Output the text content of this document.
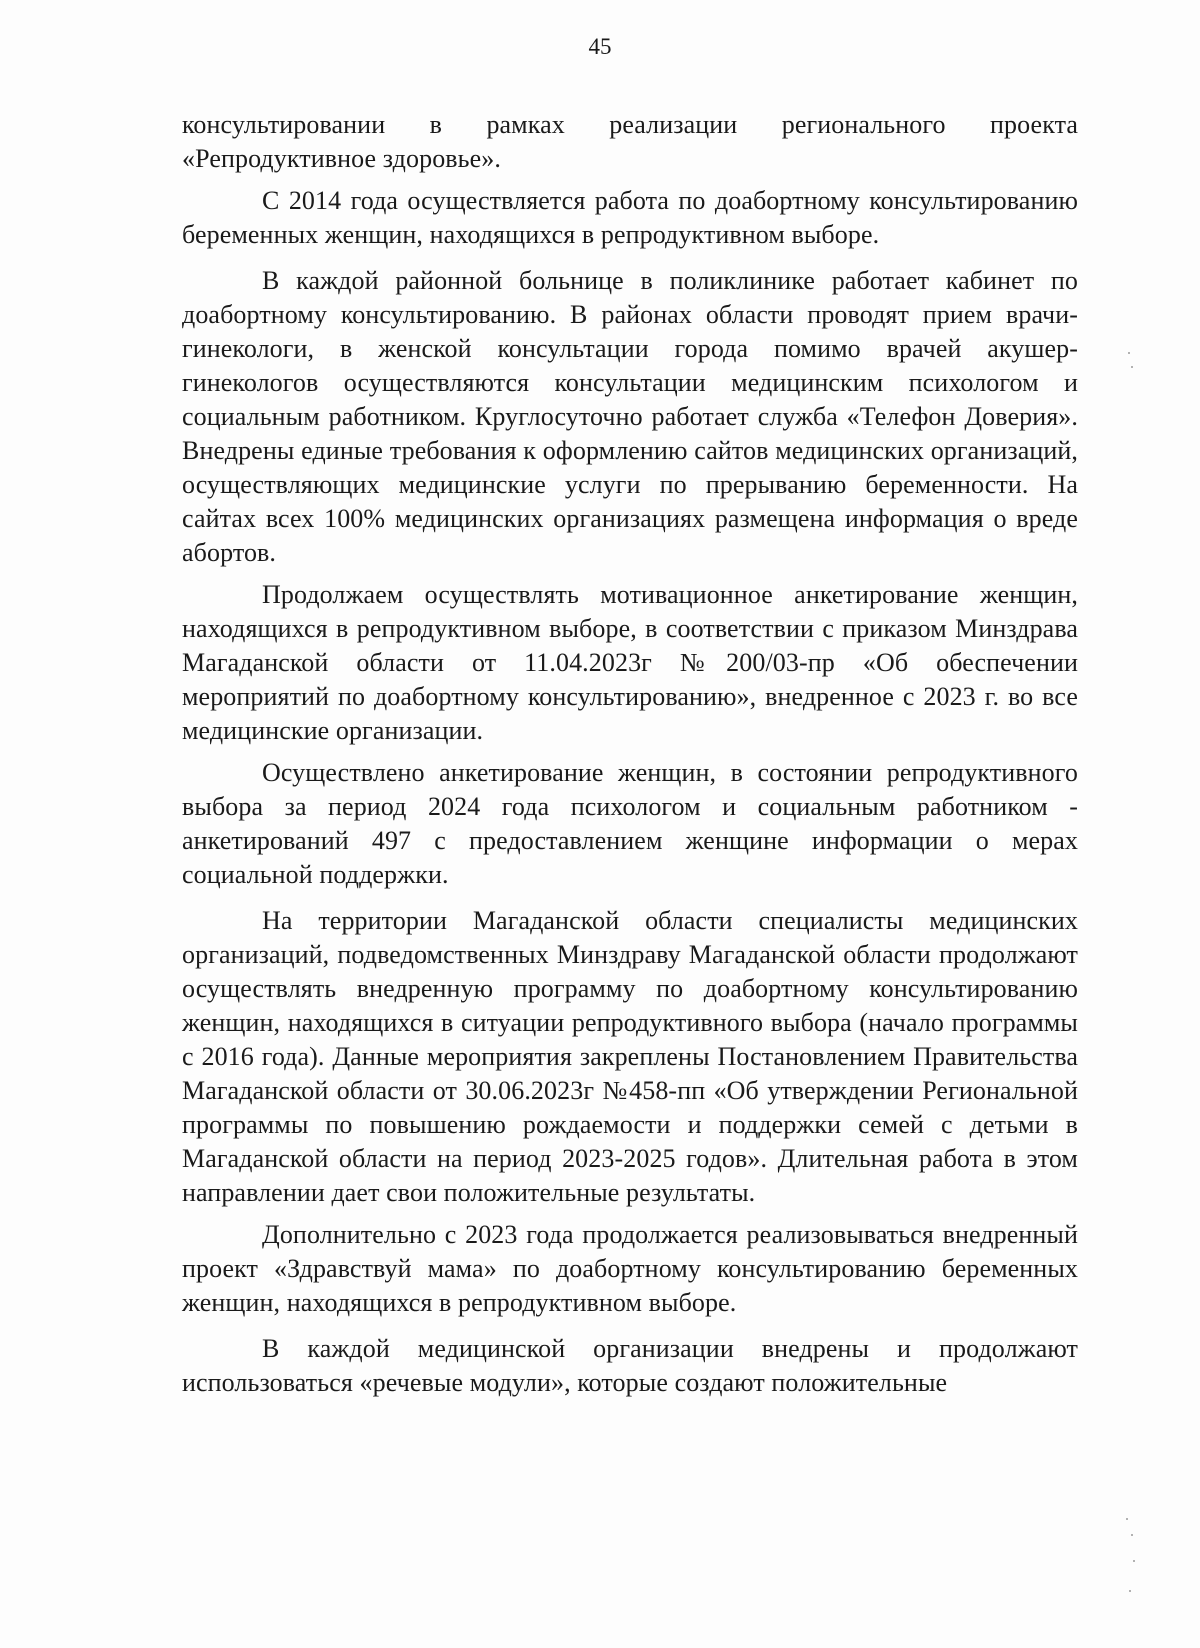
45

консультировании в рамках реализации регионального проекта «Репродуктивное здоровье».

С 2014 года осуществляется работа по доабортному консультированию беременных женщин, находящихся в репродуктивном выборе.

В каждой районной больнице в поликлинике работает кабинет по доабортному консультированию. В районах области проводят прием врачи-гинекологи, в женской консультации города помимо врачей акушер-гинекологов осуществляются консультации медицинским психологом и социальным работником. Круглосуточно работает служба «Телефон Доверия». Внедрены единые требования к оформлению сайтов медицинских организаций, осуществляющих медицинские услуги по прерыванию беременности. На сайтах всех 100% медицинских организациях размещена информация о вреде абортов.

Продолжаем осуществлять мотивационное анкетирование женщин, находящихся в репродуктивном выборе, в соответствии с приказом Минздрава Магаданской области от 11.04.2023г №200/03-пр «Об обеспечении мероприятий по доабортному консультированию», внедренное с 2023 г. во все медицинские организации.

Осуществлено анкетирование женщин, в состоянии репродуктивного выбора за период 2024 года психологом и социальным работником - анкетирований 497 с предоставлением женщине информации о мерах социальной поддержки.

На территории Магаданской области специалисты медицинских организаций, подведомственных Минздраву Магаданской области продолжают осуществлять внедренную программу по доабортному консультированию женщин, находящихся в ситуации репродуктивного выбора (начало программы с 2016 года). Данные мероприятия закреплены Постановлением Правительства Магаданской области от 30.06.2023г №458-пп «Об утверждении Региональной программы по повышению рождаемости и поддержки семей с детьми в Магаданской области на период 2023-2025 годов». Длительная работа в этом направлении дает свои положительные результаты.

Дополнительно с 2023 года продолжается реализовываться внедренный проект «Здравствуй мама» по доабортному консультированию беременных женщин, находящихся в репродуктивном выборе.

В каждой медицинской организации внедрены и продолжают использоваться «речевые модули», которые создают положительные
